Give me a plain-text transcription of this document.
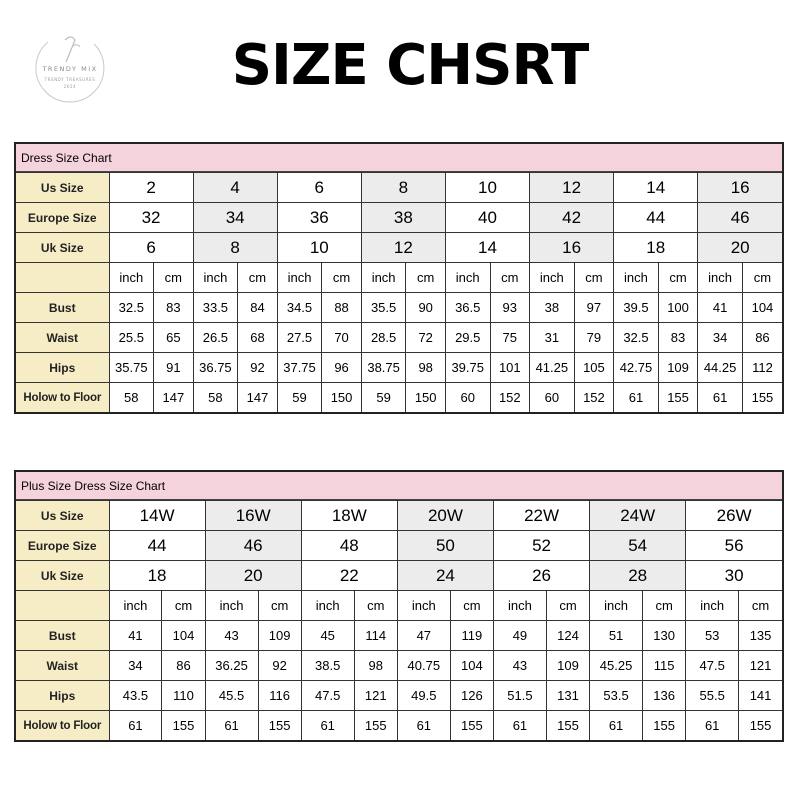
TRENDY MIX
TRENDY TREASURES
2024	SIZE CHSRT
Dress Size Chart
Us Size	2		4		6		8		10		12		14		16	
Europe Size	32		34		36		38		40		42		44		46	
Uk Size	6		8		10		12		14		16		18		20	
	inch	cm	inch	cm	inch	cm	inch	cm	inch	cm	inch	cm	inch	cm	inch	cm
Bust	32.5	83	33.5	84	34.5	88	35.5	90	36.5	93	38	97	39.5	100	41	104
Waist	25.5	65	26.5	68	27.5	70	28.5	72	29.5	75	31	79	32.5	83	34	86
Hips	35.75	91	36.75	92	37.75	96	38.75	98	39.75	101	41.25	105	42.75	109	44.25	112
Holow to Floor	58	147	58	147	59	150	59	150	60	152	60	152	61	155	61	155
Plus Size Dress Size Chart
Us Size	14W		16W		18W		20W		22W		24W		26W	
Europe Size	44		46		48		50		52		54		56	
Uk Size	18		20		22		24		26		28		30	
	inch	cm	inch	cm	inch	cm	inch	cm	inch	cm	inch	cm	inch	cm
Bust	41	104	43	109	45	114	47	119	49	124	51	130	53	135
Waist	34	86	36.25	92	38.5	98	40.75	104	43	109	45.25	115	47.5	121
Hips	43.5	110	45.5	116	47.5	121	49.5	126	51.5	131	53.5	136	55.5	141
Holow to Floor	61	155	61	155	61	155	61	155	61	155	61	155	61	155
